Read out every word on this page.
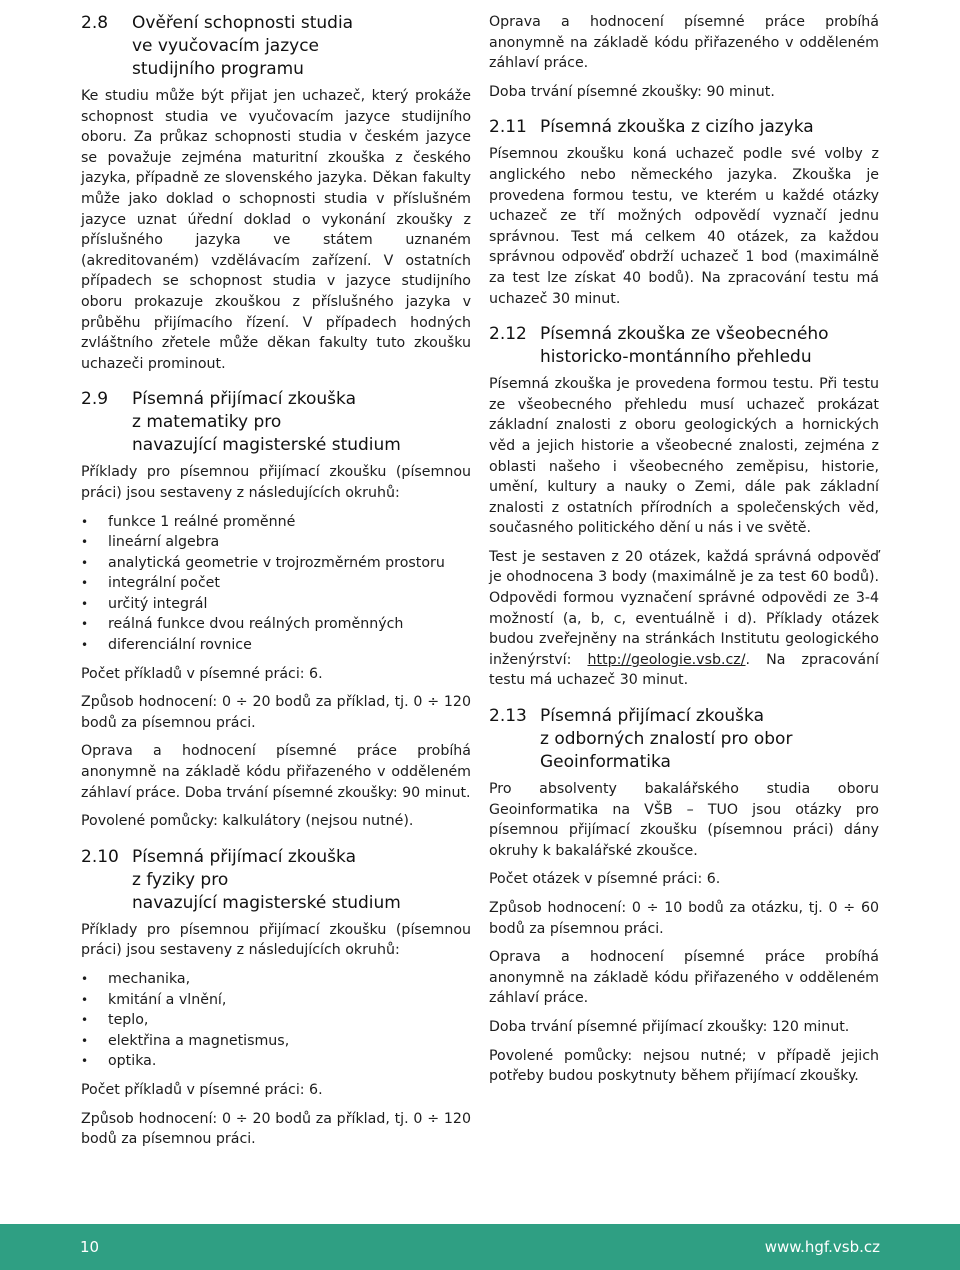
2.8	Ověření schopnosti studia
ve vyučovacím jazyce
studijního programu

Ke studiu může být přijat jen uchazeč, který prokáže schopnost studia ve vyučovacím jazyce studijního oboru. Za průkaz schopnosti studia v českém jazyce se považuje zejména maturitní zkouška z českého jazyka, případně ze slovenského jazyka. Děkan fakulty může jako doklad o schopnosti studia v příslušném jazyce uznat úřední doklad o vykonání zkoušky z příslušného jazyka ve státem uznaném (akreditovaném) vzdělávacím zařízení. V ostatních případech se schopnost studia v jazyce studijního oboru prokazuje zkouškou z příslušného jazyka v průběhu přijímacího řízení. V případech hodných zvláštního zřetele může děkan fakulty tuto zkoušku uchazeči prominout.

2.9	Písemná přijímací zkouška
z matematiky pro
navazující magisterské studium

Příklady pro písemnou přijímací zkoušku (písemnou práci) jsou sestaveny z následujících okruhů:

• funkce 1 reálné proměnné
• lineární algebra
• analytická geometrie v trojrozměrném prostoru
• integrální počet
• určitý integrál
• reálná funkce dvou reálných proměnných
• diferenciální rovnice

Počet příkladů v písemné práci: 6.

Způsob hodnocení: 0 ÷ 20 bodů za příklad, tj. 0 ÷ 120 bodů za písemnou práci.

Oprava a hodnocení písemné práce probíhá anonymně na základě kódu přiřazeného v odděleném záhlaví práce. Doba trvání písemné zkoušky: 90 minut.

Povolené pomůcky: kalkulátory (nejsou nutné).

2.10 Písemná přijímací zkouška
z fyziky pro
navazující magisterské studium

Příklady pro písemnou přijímací zkoušku (písemnou práci) jsou sestaveny z následujících okruhů:

• mechanika,
• kmitání a vlnění,
• teplo,
• elektřina a magnetismus,
• optika.

Počet příkladů v písemné práci: 6.

Způsob hodnocení: 0 ÷ 20 bodů za příklad, tj. 0 ÷ 120 bodů za písemnou práci.

Oprava a hodnocení písemné práce probíhá anonymně na základě kódu přiřazeného v odděleném záhlaví práce.

Doba trvání písemné zkoušky: 90 minut.

2.11 Písemná zkouška z cizího jazyka

Písemnou zkoušku koná uchazeč podle své volby z anglického nebo německého jazyka. Zkouška je provedena formou testu, ve kterém u každé otázky uchazeč ze tří možných odpovědí vyznačí jednu správnou. Test má celkem 40 otázek, za každou správnou odpověď obdrží uchazeč 1 bod (maximálně za test lze získat 40 bodů). Na zpracování testu má uchazeč 30 minut.

2.12 Písemná zkouška ze všeobecného
historicko-montánního přehledu

Písemná zkouška je provedena formou testu. Při testu ze všeobecného přehledu musí uchazeč prokázat základní znalosti z oboru geologických a hornických věd a jejich historie a všeobecné znalosti, zejména z oblasti našeho i všeobecného zeměpisu, historie, umění, kultury a nauky o Zemi, dále pak základní znalosti z ostatních přírodních a společenských věd, současného politického dění u nás i ve světě.

Test je sestaven z 20 otázek, každá správná odpověď je ohodnocena 3 body (maximálně je za test 60 bodů). Odpovědi formou vyznačení správné odpovědi ze 3-4 možností (a, b, c, eventuálně i d). Příklady otázek budou zveřejněny na stránkách Institutu geologického inženýrství: http://geologie.vsb.cz/. Na zpracování testu má uchazeč 30 minut.

2.13 Písemná přijímací zkouška
z odborných znalostí pro obor
Geoinformatika

Pro absolventy bakalářského studia oboru Geoinformatika na VŠB – TUO jsou otázky pro písemnou přijímací zkoušku (písemnou práci) dány okruhy k bakalářské zkoušce.

Počet otázek v písemné práci: 6.

Způsob hodnocení: 0 ÷ 10 bodů za otázku, tj. 0 ÷ 60 bodů za písemnou práci.

Oprava a hodnocení písemné práce probíhá anonymně na základě kódu přiřazeného v odděleném záhlaví práce.

Doba trvání písemné přijímací zkoušky: 120 minut.

Povolené pomůcky: nejsou nutné; v případě jejich potřeby budou poskytnuty během přijímací zkoušky.

10	www.hgf.vsb.cz
